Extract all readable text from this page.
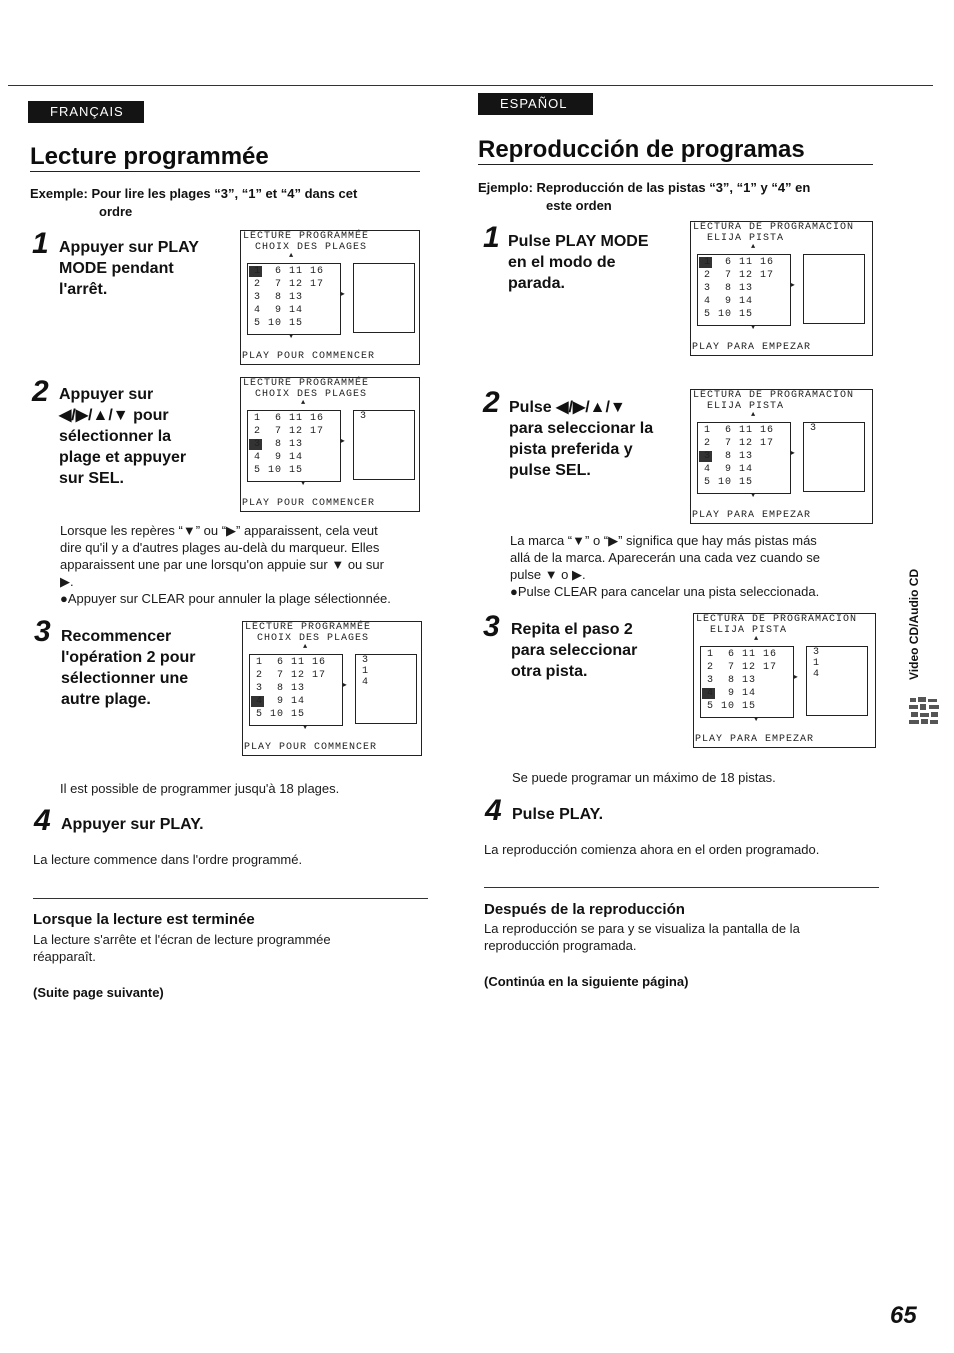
FRANÇAIS
Lecture programmée
Exemple: Pour lire les plages “3”, “1” et “4” dans cet
ordre
1 Appuyer sur PLAY
MODE pendant
l'arrêt.
LECTURE PROGRAMMÉE
CHOIX DES PLAGES
▲
1  6 11 16
2  7 12 17
3  8 13
4  9 14
5 10 15
▶
▼
PLAY POUR COMMENCER
2 Appuyer sur
◀/▶/▲/▼ pour
sélectionner la
plage et appuyer
sur SEL.
LECTURE PROGRAMMÉE
CHOIX DES PLAGES
▲
1  6 11 16
2  7 12 17
3  8 13
4  9 14
5 10 15
▶
3
▼
PLAY POUR COMMENCER
Lorsque les repères “▼” ou “▶” apparaissent, cela veut
dire qu'il y a d'autres plages au-delà du marqueur. Elles
apparaissent une par une lorsqu'on appuie sur ▼ ou sur
▶.
●Appuyer sur CLEAR pour annuler la plage sélectionnée.
3 Recommencer
l'opération 2 pour
sélectionner une
autre plage.
LECTURE PROGRAMMÉE
CHOIX DES PLAGES
▲
1  6 11 16
2  7 12 17
3  8 13
4  9 14
5 10 15
▶
3
1
4
▼
PLAY POUR COMMENCER
Il est possible de programmer jusqu'à 18 plages.
4 Appuyer sur PLAY.
La lecture commence dans l'ordre programmé.
Lorsque la lecture est terminée
La lecture s'arrête et l'écran de lecture programmée
réapparaît.
(Suite page suivante)
ESPAÑOL
Reproducción de programas
Ejemplo: Reproducción de las pistas “3”, “1” y “4” en
este orden
1 Pulse PLAY MODE
en el modo de
parada.
LECTURA DE PROGRAMACION
ELIJA PISTA
▲
1  6 11 16
2  7 12 17
3  8 13
4  9 14
5 10 15
▶
▼
PLAY PARA EMPEZAR
2 Pulse ◀/▶/▲/▼
para seleccionar la
pista preferida y
pulse SEL.
LECTURA DE PROGRAMACION
ELIJA PISTA
▲
1  6 11 16
2  7 12 17
3  8 13
4  9 14
5 10 15
▶
3
▼
PLAY PARA EMPEZAR
La marca “▼” o “▶” significa que hay más pistas más
allá de la marca. Aparecerán una cada vez cuando se
pulse ▼ o ▶.
●Pulse CLEAR para cancelar una pista seleccionada.
3 Repita el paso 2
para seleccionar
otra pista.
LECTURA DE PROGRAMACION
ELIJA PISTA
▲
1  6 11 16
2  7 12 17
3  8 13
4  9 14
5 10 15
▶
3
1
4
▼
PLAY PARA EMPEZAR
Se puede programar un máximo de 18 pistas.
4 Pulse PLAY.
La reproducción comienza ahora en el orden programado.
Después de la reproducción
La reproducción se para y se visualiza la pantalla de la
reproducción programada.
(Continúa en la siguiente página)
Video CD/Audio CD
65
